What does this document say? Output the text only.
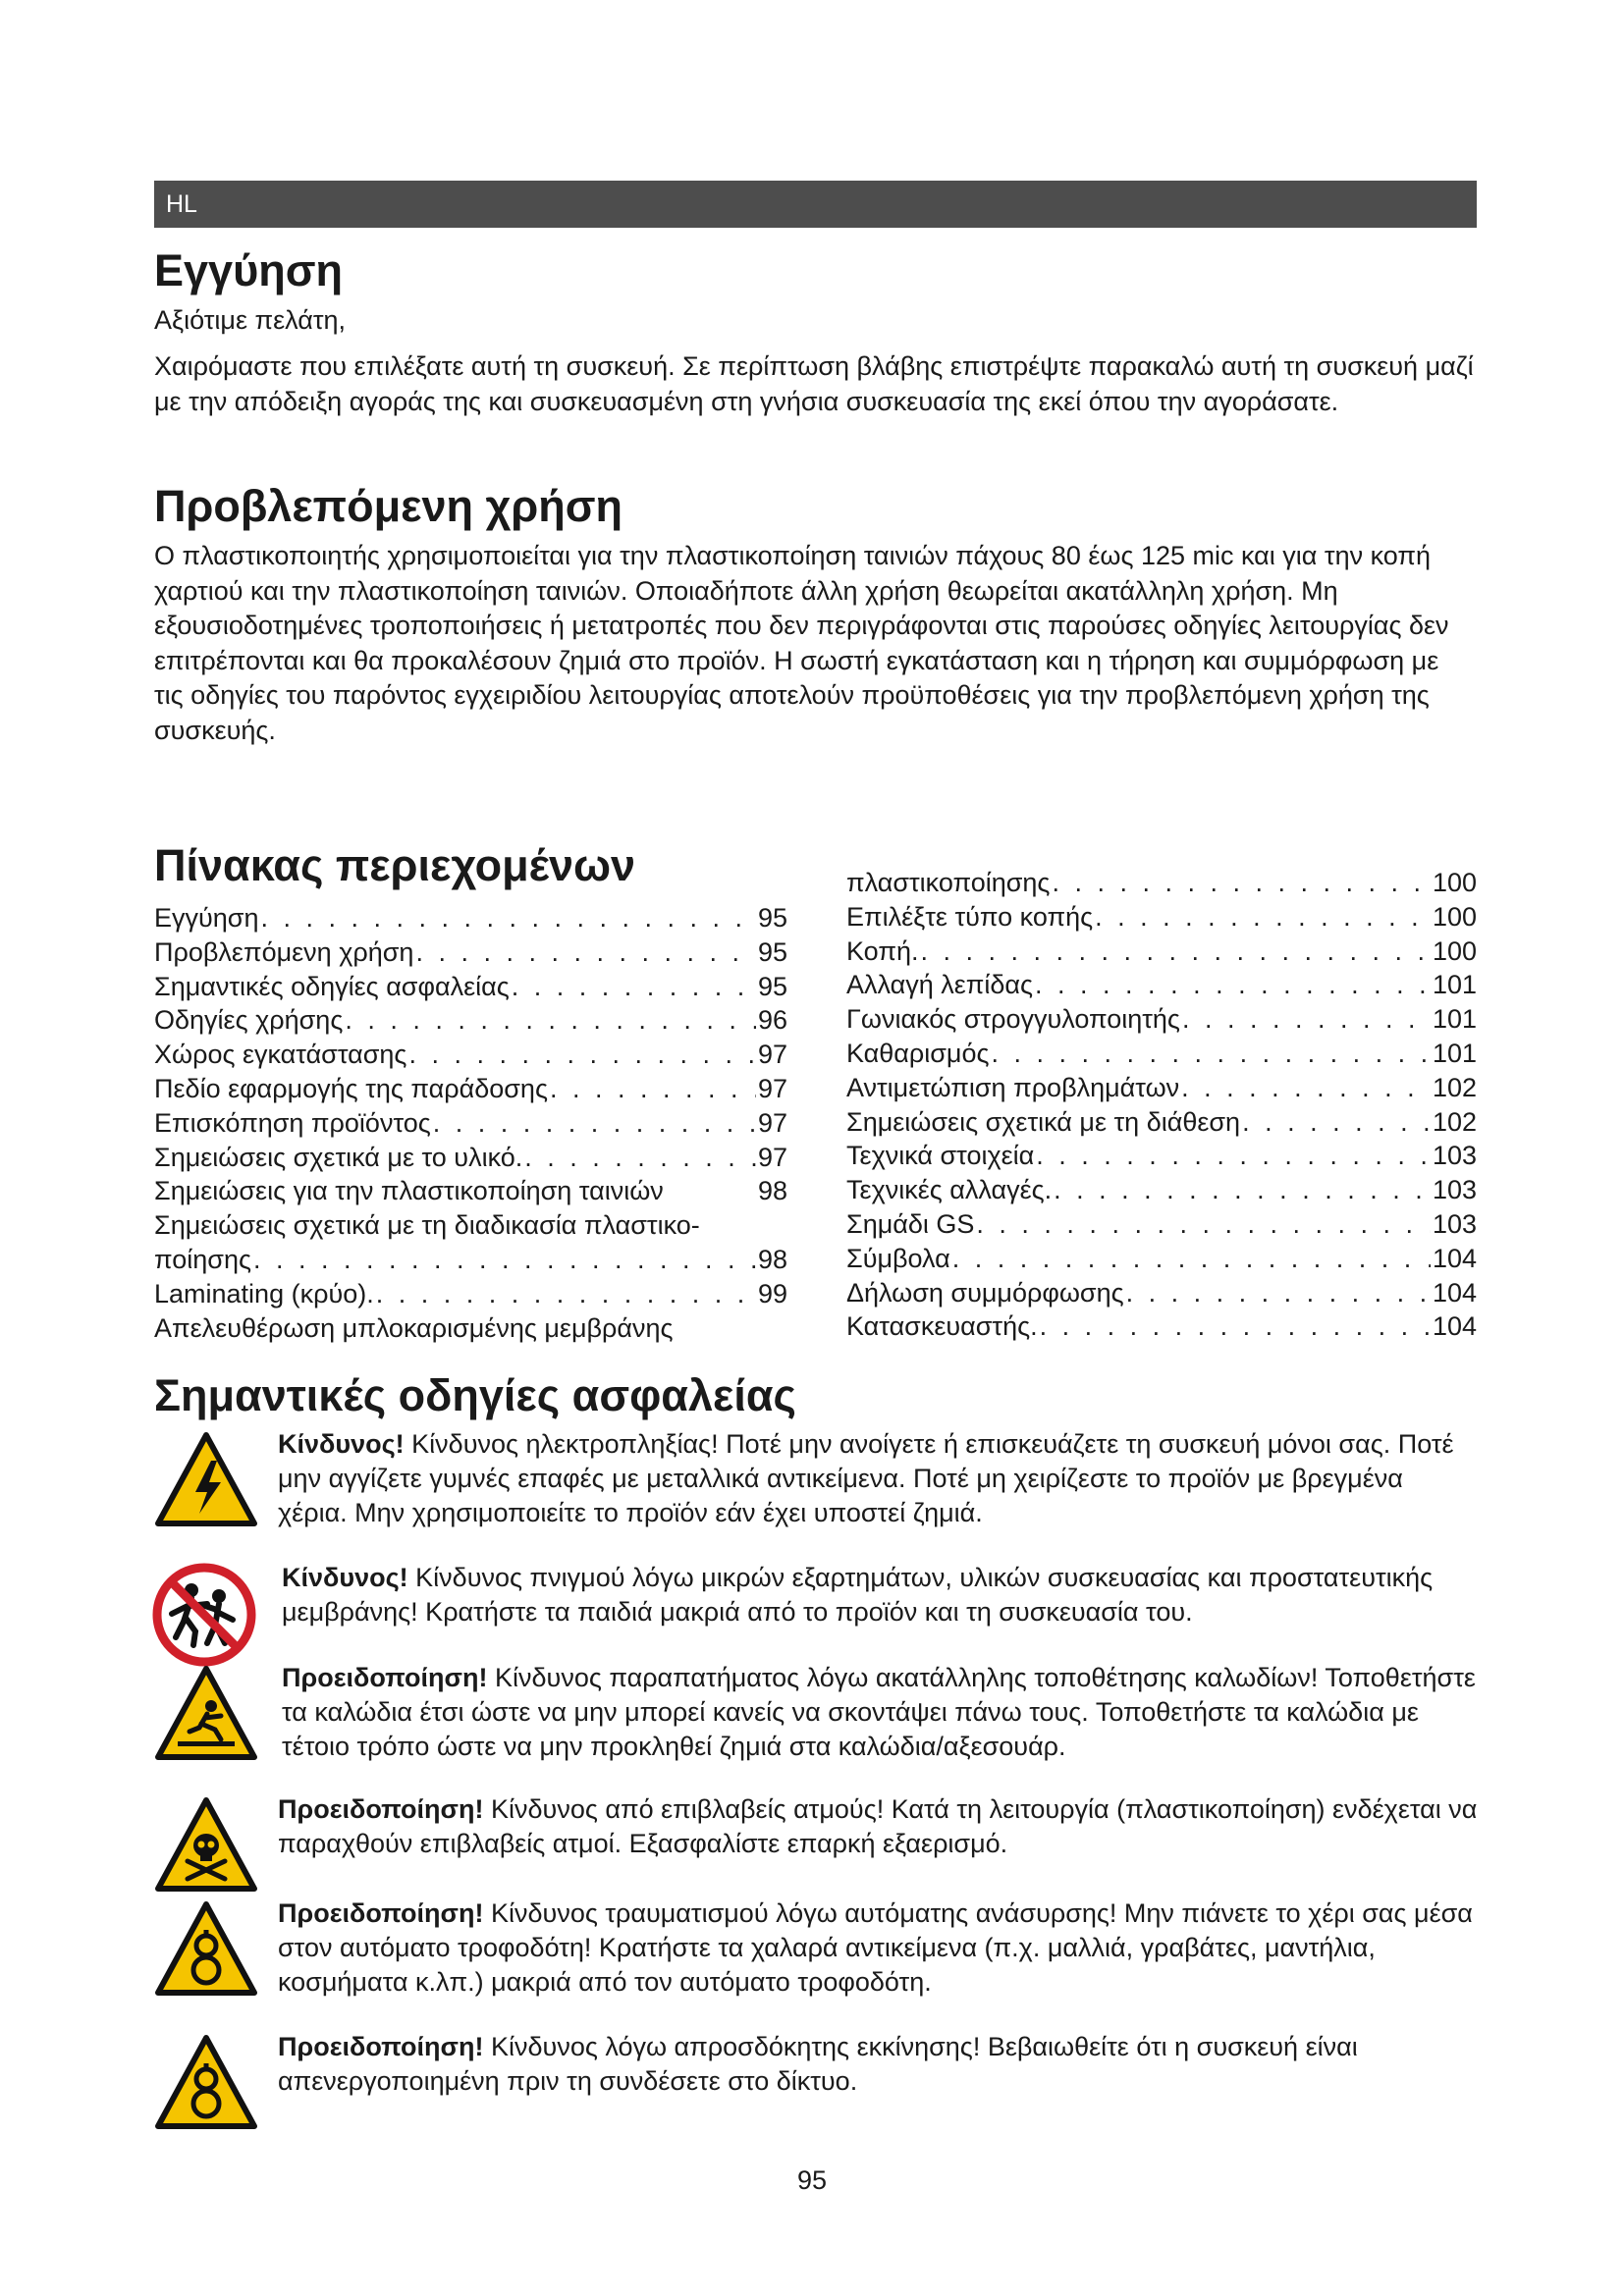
HL
Εγγύηση

Αξιότιμε πελάτη,

Χαιρόμαστε που επιλέξατε αυτή τη συσκευή. Σε περίπτωση βλάβης επιστρέψτε παρακαλώ αυτή τη συσκευή μαζί με την απόδειξη αγοράς της και συσκευασμένη στη γνήσια συσκευασία της εκεί όπου την αγοράσατε.

Προβλεπόμενη χρήση

Ο πλαστικοποιητής χρησιμοποιείται για την πλαστικοποίηση ταινιών πάχους 80 έως 125 mic και για την κοπή χαρτιού και την πλαστικοποίηση ταινιών. Οποιαδήποτε άλλη χρήση θεωρείται ακατάλληλη χρήση. Μη εξουσιοδοτημένες τροποποιήσεις ή μετατροπές που δεν περιγράφονται στις παρούσες οδηγίες λειτουργίας δεν επιτρέπονται και θα προκαλέσουν ζημιά στο προϊόν. Η σωστή εγκατάσταση και η τήρηση και συμμόρφωση με τις οδηγίες του παρόντος εγχειριδίου λειτουργίας αποτελούν προϋποθέσεις για την προβλεπόμενη χρήση της συσκευής.

Πίνακας περιεχομένων
Εγγύηση . . .	95
Προβλεπόμενη χρήση . . .	95
Σημαντικές οδηγίες ασφαλείας . . .	95
Οδηγίες χρήσης . . .	96
Χώρος εγκατάστασης . . .	97
Πεδίο εφαρμογής της παράδοσης . . .	97
Επισκόπηση προϊόντος . . .	97
Σημειώσεις σχετικά με το υλικό. . . .	97
Σημειώσεις για την πλαστικοποίηση ταινιών	98
Σημειώσεις σχετικά με τη διαδικασία πλαστικο-
ποίησης . . .	98
Laminating (κρύο). . . .	99
Απελευθέρωση μπλοκαρισμένης μεμβράνης
πλαστικοποίησης . . .	100
Επιλέξτε τύπο κοπής . . .	100
Κοπή. . . .	100
Αλλαγή λεπίδας . . .	101
Γωνιακός στρογγυλοποιητής . . .	101
Καθαρισμός . . .	101
Αντιμετώπιση προβλημάτων . . .	102
Σημειώσεις σχετικά με τη διάθεση . . .	102
Τεχνικά στοιχεία . . .	103
Τεχνικές αλλαγές. . . .	103
Σημάδι GS . . .	103
Σύμβολα . . .	104
Δήλωση συμμόρφωσης . . .	104
Κατασκευαστής. . . .	104
Σημαντικές οδηγίες ασφαλείας
Κίνδυνος! Κίνδυνος ηλεκτροπληξίας! Ποτέ μην ανοίγετε ή επισκευάζετε τη συσκευή μόνοι σας. Ποτέ μην αγγίζετε γυμνές επαφές με μεταλλικά αντικείμενα. Ποτέ μη χειρίζεστε το προϊόν με βρεγμένα χέρια. Μην χρησιμοποιείτε το προϊόν εάν έχει υποστεί ζημιά.
Κίνδυνος! Κίνδυνος πνιγμού λόγω μικρών εξαρτημάτων, υλικών συσκευασίας και προστατευτικής μεμβράνης! Κρατήστε τα παιδιά μακριά από το προϊόν και τη συσκευασία του.
Προειδοποίηση! Κίνδυνος παραπατήματος λόγω ακατάλληλης τοποθέτησης καλωδίων! Τοποθετήστε τα καλώδια έτσι ώστε να μην μπορεί κανείς να σκοντάψει πάνω τους. Τοποθετήστε τα καλώδια με τέτοιο τρόπο ώστε να μην προκληθεί ζημιά στα καλώδια/αξεσουάρ.
Προειδοποίηση! Κίνδυνος από επιβλαβείς ατμούς! Κατά τη λειτουργία (πλαστικοποίηση) ενδέχεται να παραχθούν επιβλαβείς ατμοί. Εξασφαλίστε επαρκή εξαερισμό.
Προειδοποίηση! Κίνδυνος τραυματισμού λόγω αυτόματης ανάσυρσης! Μην πιάνετε το χέρι σας μέσα στον αυτόματο τροφοδότη! Κρατήστε τα χαλαρά αντικείμενα (π.χ. μαλλιά, γραβάτες, μαντήλια, κοσμήματα κ.λπ.) μακριά από τον αυτόματο τροφοδότη.
Προειδοποίηση! Κίνδυνος λόγω απροσδόκητης εκκίνησης! Βεβαιωθείτε ότι η συσκευή είναι απενεργοποιημένη πριν τη συνδέσετε στο δίκτυο.
95
